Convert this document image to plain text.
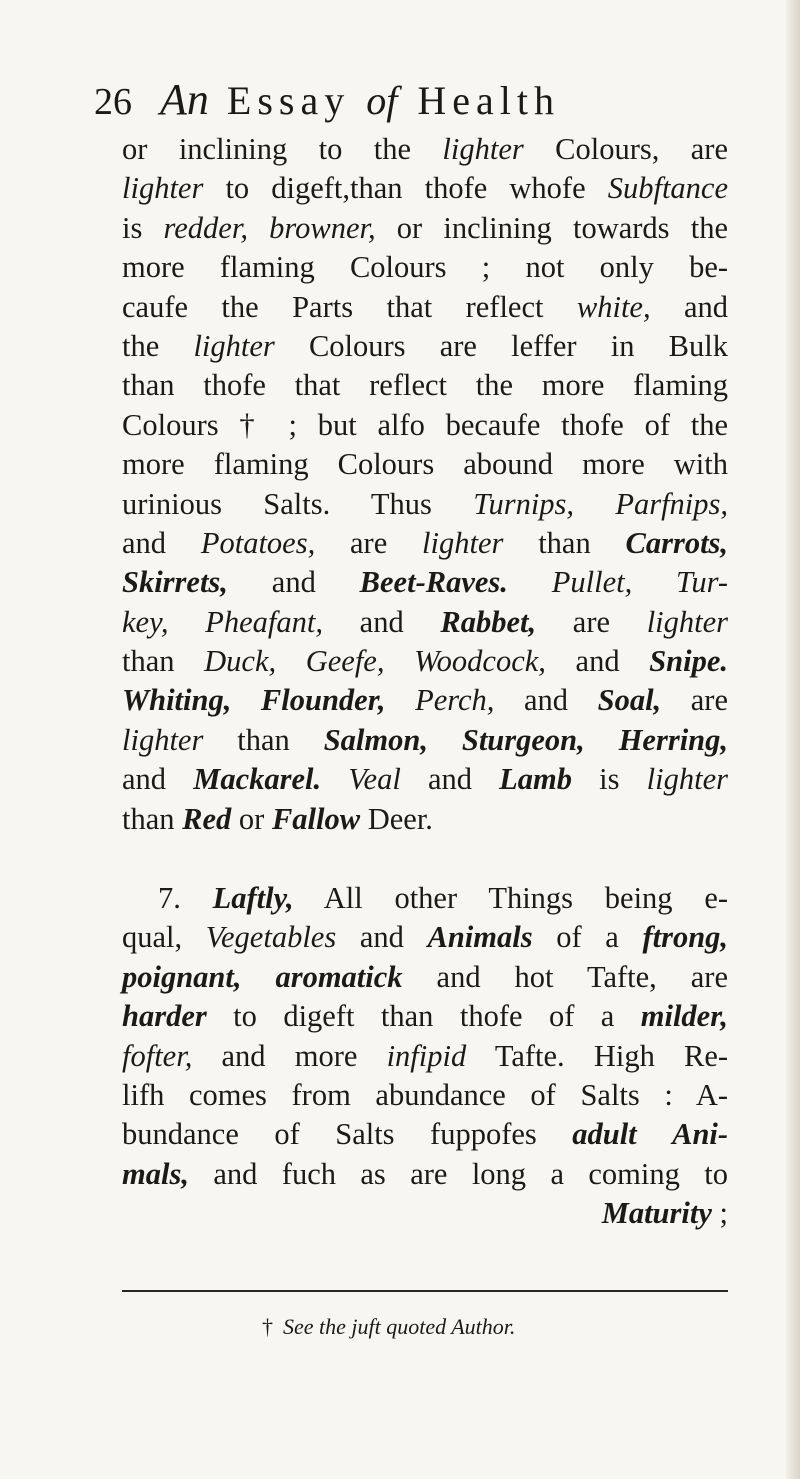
26 An Essay of Health
or inclining to the lighter Colours, are
lighter to digeft,than thofe whofe Subftance
is redder, browner, or inclining towards the
more flaming Colours ; not only be-
caufe the Parts that reflect white, and
the lighter Colours are leffer in Bulk
than thofe that reflect the more flaming
Colours † ; but alfo becaufe thofe of the
more flaming Colours abound more with
urinious Salts. Thus Turnips, Parfnips,
and Potatoes, are lighter than Carrots,
Skirrets, and Beet-Raves. Pullet, Tur-
key, Pheafant, and Rabbet, are lighter
than Duck, Geefe, Woodcock, and Snipe.
Whiting, Flounder, Perch, and Soal, are
lighter than Salmon, Sturgeon, Herring,
and Mackarel. Veal and Lamb is lighter
than Red or Fallow Deer.
7. Laftly, All other Things being e-
qual, Vegetables and Animals of a ftrong,
poignant, aromatick and hot Tafte, are
harder to digeft than thofe of a milder,
fofter, and more infipid Tafte. High Re-
lifh comes from abundance of Salts : A-
bundance of Salts fuppofes adult Ani-
mals, and fuch as are long a coming to
Maturity ;
† See the juft quoted Author.
